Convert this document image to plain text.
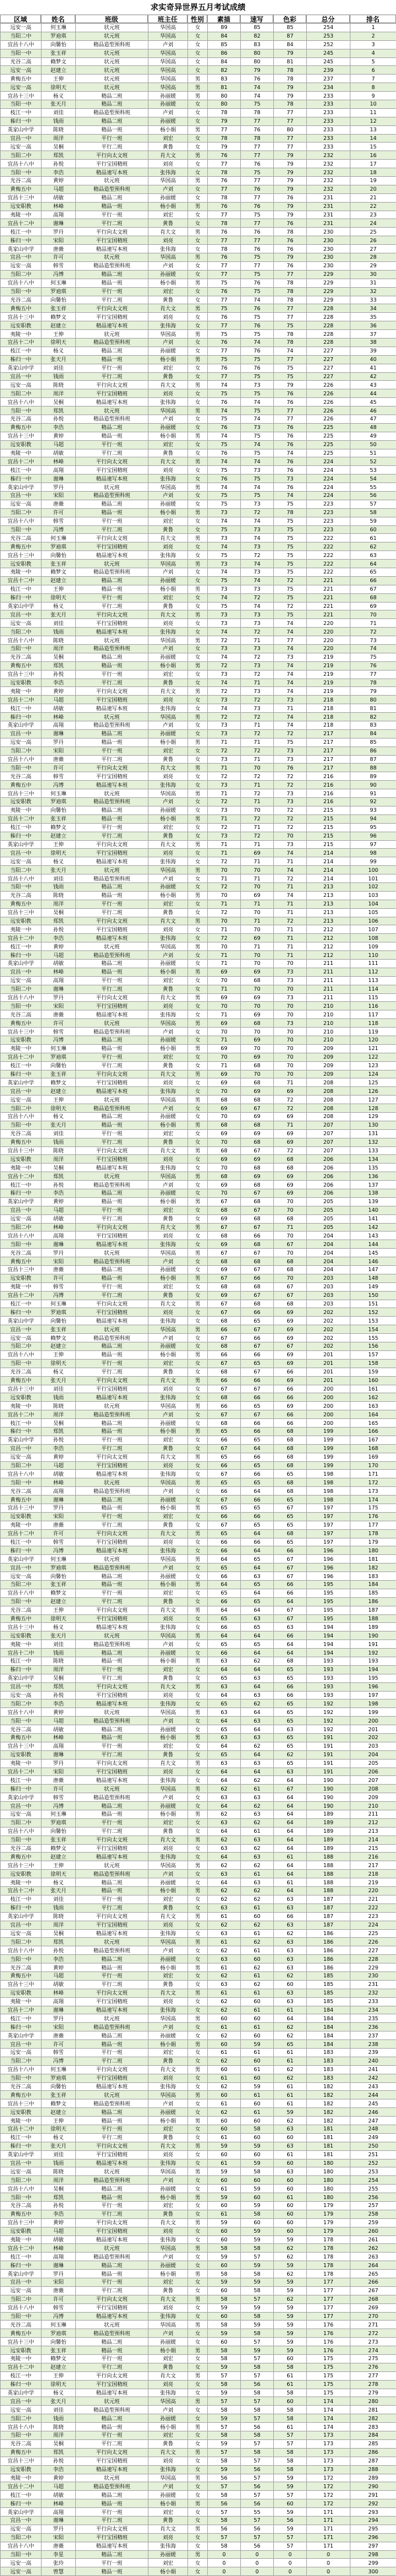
求实奇异世界五月考试成绩
区域	姓名	班级	班主任	性别	素描	速写	色彩	总分	排名
远安一高	何玉琳	状元班	华国高	女	89	85	85	254	1
当阳二中	罗迪琪	状元班	华国高	女	84	82	87	253	2
宜昌十八中	向馨怡	精品造型预科班	卢刘	女	85	83	84	252	3
当阳一中	张玉祥	状元班	华国高	女	86	80	79	245	4
光谷二高	赖梦文	状元班	华国高	女	84	80	81	245	5
远安一高	赵建立	状元班	华国高	女	82	79	78	239	6
黄梅五中	王伸	状元班	华国高	男	83	76	78	237	7
远安一高	徐明天	状元班	华国高	男	81	74	79	234	8
宜昌十三中	杨义	精品二班	孙丽媛	男	80	74	79	233	9
当阳一中	张天月	精品二班	孙丽媛	女	80	75	78	233	10
枝江一中	刘佳	精品造型预科班	卢刘	女	78	78	77	233	11
秭归一中	钱雨	精品二班	孙丽媛	女	79	77	77	233	12
英家山中学	陈晓	精品一班	杨小娟	男	77	76	80	233	13
宜昌一中	周洋	平行一班	刘宏	女	78	78	77	233	14
远安一高	吴桐	平行二班	黄鲁	女	79	77	77	233	15
当阳二中	郑凯	平行向太文班	肖大文	男	76	77	79	232	16
宜昌十八中	孙悦	平行宝国精班	刘亮	女	77	76	79	232	17
当阳一中	李浩	精品速写本班	张伟海	女	78	75	79	232	18
光谷二高	黄婷	状元班	华国高	男	76	77	79	232	19
黄梅五中	马超	精品造型预科班	卢刘	女	77	76	79	232	20
宜昌十三中	胡敏	精品二班	孙丽媛	女	78	77	76	231	21
远安职教	林峰	精品一班	杨小娟	男	76	76	79	231	22
夷陵一中	高翔	平行一班	刘宏	女	77	75	79	231	23
宜昌十二中	谢琳	平行二班	黄鲁	女	78	77	76	231	24
枝江一中	罗丹	平行向太文班	肖大文	男	76	76	78	230	25
秭归一中	宋阳	平行宝国精班	刘亮	女	77	77	76	230	26
英家山中学	唐薇	精品速写本班	张伟海	女	78	76	76	230	27
宜昌一中	许可	状元班	华国高	男	76	75	79	230	28
远安一高	韩雪	精品造型预科班	卢刘	女	77	77	76	230	29
当阳二中	冯博	精品二班	孙丽媛	女	77	75	77	229	30
宜昌十八中	何玉琳	精品一班	杨小娟	男	75	76	78	229	31
当阳一中	罗迪琪	平行一班	刘宏	女	76	75	78	229	32
光谷二高	向馨怡	平行二班	黄鲁	女	77	74	78	229	33
黄梅五中	张玉祥	平行向太文班	肖大文	男	75	76	77	228	34
宜昌十三中	赖梦文	平行宝国精班	刘亮	女	76	75	77	228	35
远安职教	赵建立	精品速写本班	张伟海	女	77	76	75	228	36
夷陵一中	王伸	状元班	华国高	男	75	75	78	228	37
宜昌十二中	徐明天	精品造型预科班	卢刘	女	76	74	78	228	38
枝江一中	杨义	精品二班	孙丽媛	女	77	76	74	227	39
秭归一中	张天月	精品一班	杨小娟	男	75	75	77	227	40
英家山中学	刘佳	平行一班	刘宏	女	76	76	75	227	41
宜昌一中	钱雨	平行二班	黄鲁	女	77	75	75	227	42
远安一高	陈晓	平行向太文班	肖大文	男	74	73	79	226	43
当阳二中	周洋	平行宝国精班	刘亮	女	75	75	76	226	44
宜昌十八中	吴桐	精品速写本班	张伟海	女	76	74	76	226	45
当阳一中	郑凯	状元班	华国高	男	74	75	77	226	46
光谷二高	孙悦	精品造型预科班	卢刘	女	75	74	77	226	47
黄梅五中	李浩	精品二班	孙丽媛	女	76	73	76	225	48
宜昌十三中	黄婷	精品一班	杨小娟	男	74	75	76	225	49
远安职教	马超	平行一班	刘宏	女	75	74	76	225	50
夷陵一中	胡敏	平行二班	黄鲁	女	76	75	74	225	51
宜昌十二中	林峰	平行向太文班	肖大文	男	74	74	76	224	52
枝江一中	高翔	平行宝国精班	刘亮	女	75	73	76	224	53
秭归一中	谢琳	精品速写本班	张伟海	女	76	75	73	224	54
英家山中学	罗丹	状元班	华国高	男	74	74	76	224	55
宜昌一中	宋阳	精品造型预科班	卢刘	女	75	75	74	224	56
远安一高	唐薇	精品二班	孙丽媛	女	75	73	75	223	57
当阳二中	许可	精品一班	杨小娟	男	73	72	78	223	58
宜昌十八中	韩雪	平行一班	刘宏	女	74	74	75	223	59
当阳一中	冯博	平行二班	黄鲁	女	75	73	75	223	60
光谷二高	何玉琳	平行向太文班	肖大文	男	73	74	75	222	61
黄梅五中	罗迪琪	平行宝国精班	刘亮	女	74	73	75	222	62
宜昌十三中	向馨怡	精品速写本班	张伟海	女	75	72	75	222	63
远安职教	张玉祥	状元班	华国高	男	73	74	75	222	64
夷陵一中	赖梦文	精品造型预科班	卢刘	女	74	73	75	222	65
宜昌十二中	赵建立	精品二班	孙丽媛	女	75	74	72	221	66
枝江一中	王伸	精品一班	杨小娟	男	73	73	75	221	67
秭归一中	徐明天	平行一班	刘宏	女	74	72	75	221	68
英家山中学	杨义	平行二班	黄鲁	女	75	74	72	221	69
宜昌一中	张天月	平行向太文班	肖大文	男	73	73	75	221	70
远安一高	刘佳	平行宝国精班	刘亮	女	73	73	74	220	71
当阳二中	钱雨	精品速写本班	张伟海	女	74	72	74	220	72
宜昌十八中	陈晓	状元班	华国高	男	72	71	77	220	73
当阳一中	周洋	精品造型预科班	卢刘	女	73	73	74	220	74
光谷二高	吴桐	精品二班	孙丽媛	女	74	72	73	219	75
黄梅五中	郑凯	精品一班	杨小娟	男	72	73	74	219	76
宜昌十三中	孙悦	平行一班	刘宏	女	73	72	74	219	77
远安职教	李浩	平行二班	黄鲁	女	74	71	74	219	78
夷陵一中	黄婷	平行向太文班	肖大文	男	72	73	74	219	79
宜昌十二中	马超	平行宝国精班	刘亮	女	73	72	73	218	80
枝江一中	胡敏	精品速写本班	张伟海	女	74	73	71	218	81
秭归一中	林峰	状元班	华国高	男	72	72	74	218	82
英家山中学	高翔	精品造型预科班	卢刘	女	73	71	74	218	83
宜昌一中	谢琳	精品二班	孙丽媛	女	73	72	72	217	84
远安一高	罗丹	精品一班	杨小娟	男	71	71	75	217	85
当阳二中	宋阳	平行一班	刘宏	女	72	72	73	217	86
宜昌十八中	唐薇	平行二班	黄鲁	女	73	71	73	217	87
当阳一中	许可	平行向太文班	肖大文	男	71	70	76	217	88
光谷二高	韩雪	平行宝国精班	刘亮	女	72	72	72	216	89
黄梅五中	冯博	精品速写本班	张伟海	女	73	71	72	216	90
宜昌十三中	何玉琳	状元班	华国高	男	71	72	73	216	91
远安职教	罗迪琪	精品造型预科班	卢刘	女	72	71	73	216	92
夷陵一中	向馨怡	精品二班	孙丽媛	女	73	70	72	215	93
宜昌十二中	张玉祥	精品一班	杨小娟	男	71	72	72	215	94
枝江一中	赖梦文	平行一班	刘宏	女	72	71	72	215	95
秭归一中	赵建立	平行二班	黄鲁	女	73	72	70	215	96
英家山中学	王伸	平行向太文班	肖大文	男	71	71	73	215	97
宜昌一中	徐明天	平行宝国精班	刘亮	女	71	69	74	214	98
远安一高	杨义	精品速写本班	张伟海	女	72	71	71	214	99
当阳二中	张天月	状元班	华国高	男	70	70	74	214	100
宜昌十八中	刘佳	精品造型预科班	卢刘	女	71	71	72	214	101
当阳一中	钱雨	精品二班	孙丽媛	女	72	70	71	213	102
光谷二高	陈晓	精品一班	杨小娟	男	70	69	74	213	103
黄梅五中	周洋	平行一班	刘宏	女	71	71	71	213	104
宜昌十三中	吴桐	平行二班	黄鲁	女	72	70	71	213	105
远安职教	郑凯	平行向太文班	肖大文	男	70	71	72	213	106
夷陵一中	孙悦	平行宝国精班	刘亮	女	71	70	71	212	107
宜昌十二中	李浩	精品速写本班	张伟海	女	72	69	71	212	108
枝江一中	黄婷	状元班	华国高	男	70	71	71	212	109
秭归一中	马超	精品造型预科班	卢刘	女	71	70	71	212	110
英家山中学	胡敏	精品二班	孙丽媛	女	71	70	70	211	111
宜昌一中	林峰	精品一班	杨小娟	男	69	69	73	211	112
远安一高	高翔	平行一班	刘宏	女	70	68	73	211	113
当阳二中	谢琳	平行二班	黄鲁	女	71	70	70	211	114
宜昌十八中	罗丹	平行向太文班	肖大文	男	69	69	73	211	115
当阳一中	宋阳	平行宝国精班	刘亮	女	70	70	70	210	116
光谷二高	唐薇	精品速写本班	张伟海	女	71	69	70	210	117
黄梅五中	许可	状元班	华国高	男	69	68	73	210	118
宜昌十三中	韩雪	精品造型预科班	卢刘	女	70	70	70	210	119
远安职教	冯博	精品二班	孙丽媛	女	71	69	70	210	120
夷陵一中	何玉琳	精品一班	杨小娟	男	69	70	70	209	121
宜昌十二中	罗迪琪	平行一班	刘宏	女	70	69	70	209	122
枝江一中	向馨怡	平行二班	黄鲁	女	71	68	70	209	123
秭归一中	张玉祥	平行向太文班	肖大文	男	69	70	70	209	124
英家山中学	赖梦文	平行宝国精班	刘亮	女	69	68	71	208	125
宜昌一中	赵建立	精品速写本班	张伟海	女	70	69	69	208	126
远安一高	王伸	状元班	华国高	男	68	68	72	208	127
当阳二中	徐明天	精品造型预科班	卢刘	女	69	67	72	208	128
宜昌十八中	杨义	精品二班	孙丽媛	女	70	69	69	208	129
当阳一中	张天月	精品一班	杨小娟	男	68	68	71	207	130
光谷二高	刘佳	平行一班	刘宏	女	69	69	69	207	131
黄梅五中	钱雨	平行二班	黄鲁	女	70	68	69	207	132
宜昌十三中	陈晓	平行向太文班	肖大文	男	68	67	72	207	133
远安职教	周洋	平行宝国精班	刘亮	女	69	69	68	206	134
夷陵一中	吴桐	精品速写本班	张伟海	女	70	68	68	206	135
宜昌十二中	郑凯	状元班	华国高	男	68	69	69	206	136
枝江一中	孙悦	精品造型预科班	卢刘	女	69	68	69	206	137
秭归一中	李浩	精品二班	孙丽媛	女	70	67	69	206	138
英家山中学	黄婷	精品一班	杨小娟	男	67	68	70	205	139
宜昌一中	马超	平行一班	刘宏	女	68	67	70	205	140
远安一高	胡敏	平行二班	黄鲁	女	69	68	68	205	141
当阳二中	林峰	平行向太文班	肖大文	男	67	67	71	205	142
宜昌十八中	高翔	平行宝国精班	刘亮	女	68	66	70	204	143
当阳一中	谢琳	精品速写本班	张伟海	女	69	68	67	204	144
光谷二高	罗丹	状元班	华国高	男	67	67	70	204	145
黄梅五中	宋阳	精品造型预科班	卢刘	女	68	68	68	204	146
宜昌十三中	唐薇	精品二班	孙丽媛	女	69	67	68	204	147
远安职教	许可	精品一班	杨小娟	男	67	66	70	203	148
夷陵一中	韩雪	平行一班	刘宏	女	68	68	67	203	149
宜昌十二中	冯博	平行二班	黄鲁	女	69	67	67	203	150
枝江一中	何玉琳	平行向太文班	肖大文	男	67	68	68	203	151
秭归一中	罗迪琪	平行宝国精班	刘亮	女	67	66	69	202	152
英家山中学	向馨怡	精品速写本班	张伟海	女	68	65	69	202	153
宜昌一中	张玉祥	状元班	华国高	男	66	67	69	202	154
远安一高	赖梦文	精品造型预科班	卢刘	女	67	66	69	202	155
当阳二中	赵建立	精品二班	孙丽媛	女	68	67	67	202	156
宜昌十八中	王伸	精品一班	杨小娟	男	66	66	69	201	157
当阳一中	徐明天	平行一班	刘宏	女	67	65	69	201	158
光谷二高	杨义	平行二班	黄鲁	女	68	67	66	201	159
黄梅五中	张天月	平行向太文班	肖大文	男	66	66	69	201	160
宜昌十三中	刘佳	平行宝国精班	刘亮	女	67	67	66	200	161
远安职教	钱雨	精品速写本班	张伟海	女	68	66	66	200	162
夷陵一中	陈晓	状元班	华国高	男	66	65	69	200	163
宜昌十二中	周洋	精品造型预科班	卢刘	女	67	67	66	200	164
枝江一中	吴桐	精品二班	孙丽媛	女	68	66	66	200	165
秭归一中	郑凯	精品一班	杨小娟	男	65	66	68	199	166
英家山中学	孙悦	平行一班	刘宏	女	66	65	68	199	167
宜昌一中	李浩	平行二班	黄鲁	女	67	64	68	199	168
远安一高	黄婷	平行向太文班	肖大文	男	65	66	68	199	169
当阳二中	马超	平行宝国精班	刘亮	女	66	65	68	199	170
宜昌十八中	胡敏	精品速写本班	张伟海	女	67	66	65	198	171
当阳一中	林峰	状元班	华国高	男	65	65	68	198	172
光谷二高	高翔	精品造型预科班	卢刘	女	66	64	68	198	173
黄梅五中	谢琳	精品二班	孙丽媛	女	67	66	65	198	174
宜昌十三中	罗丹	精品一班	杨小娟	男	65	65	67	197	175
远安职教	宋阳	平行一班	刘宏	女	66	66	65	197	176
夷陵一中	唐薇	平行二班	黄鲁	女	67	65	65	197	177
宜昌十二中	许可	平行向太文班	肖大文	男	65	64	68	197	178
枝江一中	韩雪	平行宝国精班	刘亮	女	66	66	65	197	179
秭归一中	冯博	精品速写本班	张伟海	女	66	64	66	196	180
英家山中学	何玉琳	状元班	华国高	男	64	65	67	196	181
宜昌一中	罗迪琪	精品造型预科班	卢刘	女	65	64	67	196	182
远安一高	向馨怡	精品二班	孙丽媛	女	66	63	67	196	183
当阳二中	张玉祥	精品一班	杨小娟	男	64	65	66	195	184
宜昌十八中	赖梦文	平行一班	刘宏	女	65	64	66	195	185
当阳一中	赵建立	平行二班	黄鲁	女	66	65	64	195	186
光谷二高	王伸	平行向太文班	肖大文	男	64	64	67	195	187
黄梅五中	徐明天	平行宝国精班	刘亮	女	65	63	67	195	188
宜昌十三中	杨义	精品速写本班	张伟海	女	66	65	63	194	189
远安职教	张天月	状元班	华国高	男	64	64	66	194	190
夷陵一中	刘佳	精品造型预科班	卢刘	女	65	65	64	194	191
宜昌十二中	钱雨	精品二班	孙丽媛	女	66	64	64	194	192
枝江一中	陈晓	精品一班	杨小娟	男	63	62	68	193	193
秭归一中	周洋	平行一班	刘宏	女	64	64	65	193	194
英家山中学	吴桐	平行二班	黄鲁	女	65	63	65	193	195
宜昌一中	郑凯	平行向太文班	肖大文	男	63	64	66	193	196
远安一高	孙悦	平行宝国精班	刘亮	女	64	63	66	193	197
当阳二中	李浩	精品速写本班	张伟海	女	65	62	65	192	198
宜昌十八中	黄婷	状元班	华国高	男	63	64	65	192	199
当阳一中	马超	精品造型预科班	卢刘	女	64	63	65	192	200
光谷二高	胡敏	精品二班	孙丽媛	女	65	64	63	192	201
黄梅五中	林峰	精品一班	杨小娟	男	63	63	65	191	202
宜昌十三中	高翔	平行一班	刘宏	女	64	62	65	191	203
远安职教	谢琳	平行二班	黄鲁	女	65	64	62	191	204
夷陵一中	罗丹	平行向太文班	肖大文	男	63	63	65	191	205
宜昌十二中	宋阳	平行宝国精班	刘亮	女	64	64	63	191	206
枝江一中	唐薇	精品速写本班	张伟海	女	64	62	64	190	207
秭归一中	许可	状元班	华国高	男	62	61	67	190	208
英家山中学	韩雪	精品造型预科班	卢刘	女	63	63	64	190	209
宜昌一中	冯博	精品二班	孙丽媛	女	64	62	64	190	210
远安一高	何玉琳	精品一班	杨小娟	男	62	63	64	189	211
当阳二中	罗迪琪	平行一班	刘宏	女	63	62	64	189	212
宜昌十八中	向馨怡	平行二班	黄鲁	女	64	61	64	189	213
当阳一中	张玉祥	平行向太文班	肖大文	男	62	63	64	189	214
光谷二高	赖梦文	平行宝国精班	刘亮	女	63	62	64	189	215
黄梅五中	赵建立	精品速写本班	张伟海	女	64	63	61	188	216
宜昌十三中	王伸	状元班	华国高	男	62	62	64	188	217
远安职教	徐明天	精品造型预科班	卢刘	女	63	61	64	188	218
夷陵一中	杨义	精品二班	孙丽媛	女	64	63	61	188	219
宜昌十二中	张天月	精品一班	杨小娟	男	62	62	64	188	220
枝江一中	刘佳	平行一班	刘宏	女	62	62	63	187	221
秭归一中	钱雨	平行二班	黄鲁	女	63	61	63	187	222
英家山中学	陈晓	平行向太文班	肖大文	男	61	60	66	187	223
宜昌一中	周洋	平行宝国精班	刘亮	女	62	62	63	187	224
远安一高	吴桐	精品速写本班	张伟海	女	63	61	62	186	225
当阳二中	郑凯	状元班	华国高	男	61	62	63	186	226
宜昌十八中	孙悦	精品造型预科班	卢刘	女	62	61	63	186	227
当阳一中	李浩	精品二班	孙丽媛	女	63	60	63	186	228
光谷二高	黄婷	精品一班	杨小娟	男	61	62	63	186	229
黄梅五中	马超	平行一班	刘宏	女	62	61	62	185	230
宜昌十三中	胡敏	平行二班	黄鲁	女	63	62	60	185	231
远安职教	林峰	平行向太文班	肖大文	男	61	61	63	185	232
夷陵一中	高翔	平行宝国精班	刘亮	女	62	60	63	185	233
宜昌十二中	谢琳	精品速写本班	张伟海	女	62	61	61	184	234
枝江一中	罗丹	状元班	华国高	男	60	60	64	184	235
秭归一中	宋阳	精品造型预科班	卢刘	女	61	61	62	184	236
英家山中学	唐薇	精品二班	孙丽媛	女	62	60	62	184	237
宜昌一中	许可	精品一班	杨小娟	男	60	59	65	184	238
远安一高	韩雪	平行一班	刘宏	女	61	61	61	183	239
当阳二中	冯博	平行二班	黄鲁	女	62	60	61	183	240
宜昌十八中	何玉琳	平行向太文班	肖大文	男	60	61	62	183	241
当阳一中	罗迪琪	平行宝国精班	刘亮	女	61	60	62	183	242
光谷二高	向馨怡	精品速写本班	张伟海	女	62	59	61	182	243
黄梅五中	张玉祥	状元班	华国高	男	60	61	61	182	244
宜昌十三中	赖梦文	精品造型预科班	卢刘	女	61	60	61	182	245
远安职教	赵建立	精品二班	孙丽媛	女	62	61	59	182	246
夷陵一中	王伸	精品一班	杨小娟	男	60	60	62	182	247
宜昌十二中	徐明天	平行一班	刘宏	女	60	58	63	181	248
枝江一中	杨义	平行二班	黄鲁	女	61	60	60	181	249
秭归一中	张天月	平行向太文班	肖大文	男	59	59	63	181	250
英家山中学	刘佳	平行宝国精班	刘亮	女	60	60	61	181	251
宜昌一中	钱雨	精品速写本班	张伟海	女	61	59	60	180	252
远安一高	陈晓	状元班	华国高	男	59	58	63	180	253
当阳二中	周洋	精品造型预科班	卢刘	女	60	60	60	180	254
宜昌十八中	吴桐	精品二班	孙丽媛	女	61	59	60	180	255
当阳一中	郑凯	精品一班	杨小娟	男	59	60	61	180	256
光谷二高	孙悦	平行一班	刘宏	女	60	59	60	179	257
黄梅五中	李浩	平行二班	黄鲁	女	61	58	60	179	258
宜昌十三中	黄婷	平行向太文班	肖大文	男	59	60	60	179	259
远安职教	马超	平行宝国精班	刘亮	女	60	59	60	179	260
夷陵一中	胡敏	精品速写本班	张伟海	女	60	59	59	178	261
宜昌十二中	林峰	状元班	华国高	男	58	58	62	178	262
枝江一中	高翔	精品造型预科班	卢刘	女	59	57	62	178	263
秭归一中	谢琳	精品二班	孙丽媛	女	60	59	59	178	264
英家山中学	罗丹	精品一班	杨小娟	男	58	58	62	178	265
宜昌一中	宋阳	平行一班	刘宏	女	59	59	59	177	266
远安一高	唐薇	平行二班	黄鲁	女	60	58	59	177	267
当阳二中	许可	平行向太文班	肖大文	男	58	57	62	177	268
宜昌十八中	韩雪	平行宝国精班	刘亮	女	59	59	59	177	269
当阳一中	冯博	精品速写本班	张伟海	女	60	58	59	177	270
光谷二高	何玉琳	状元班	华国高	男	58	59	59	176	271
黄梅五中	罗迪琪	精品造型预科班	卢刘	女	59	58	59	176	272
宜昌十三中	向馨怡	精品二班	孙丽媛	女	60	57	59	176	273
远安职教	张玉祥	精品一班	杨小娟	男	58	59	59	176	274
夷陵一中	赖梦文	平行一班	刘宏	女	58	57	60	175	275
宜昌十二中	赵建立	平行二班	黄鲁	女	59	58	58	175	276
枝江一中	王伸	平行向太文班	肖大文	男	57	57	61	175	277
秭归一中	徐明天	平行宝国精班	刘亮	女	58	56	61	175	278
英家山中学	杨义	精品速写本班	张伟海	女	59	58	58	175	279
宜昌一中	张天月	状元班	华国高	男	57	57	60	174	280
远安一高	刘佳	精品造型预科班	卢刘	女	58	58	58	174	281
当阳二中	钱雨	精品二班	孙丽媛	女	59	57	58	174	282
宜昌十八中	陈晓	精品一班	杨小娟	男	57	56	61	174	283
当阳一中	周洋	平行一班	刘宏	女	58	58	57	173	284
光谷二高	吴桐	平行二班	黄鲁	女	59	57	57	173	285
黄梅五中	郑凯	平行向太文班	肖大文	男	57	58	58	173	286
宜昌十三中	孙悦	平行宝国精班	刘亮	女	58	57	58	173	287
远安职教	李浩	精品速写本班	张伟海	女	59	56	58	173	288
夷陵一中	黄婷	状元班	华国高	男	56	57	59	172	289
宜昌十二中	马超	精品造型预科班	卢刘	女	57	56	59	172	290
枝江一中	胡敏	精品二班	孙丽媛	女	58	57	57	172	291
秭归一中	林峰	精品一班	杨小娟	男	56	56	60	172	292
英家山中学	高翔	平行一班	刘宏	女	57	55	59	171	293
宜昌一中	谢琳	平行二班	黄鲁	女	58	57	56	171	294
远安一高	罗丹	平行向太文班	肖大文	男	56	56	59	171	295
当阳二中	宋阳	平行宝国精班	刘亮	女	57	57	57	171	296
宜昌十八中	唐薇	精品速写本班	张伟海	女	58	56	57	171	297
当阳一中	李星	精品二班	孙丽媛	男	0	0	0	0	298
远安一高	张玲	平行一班	刘宏	女	0	0	0	0	299
远安一高	曾慧	精品一班	杨小娟	女	0	0	0	0	300
